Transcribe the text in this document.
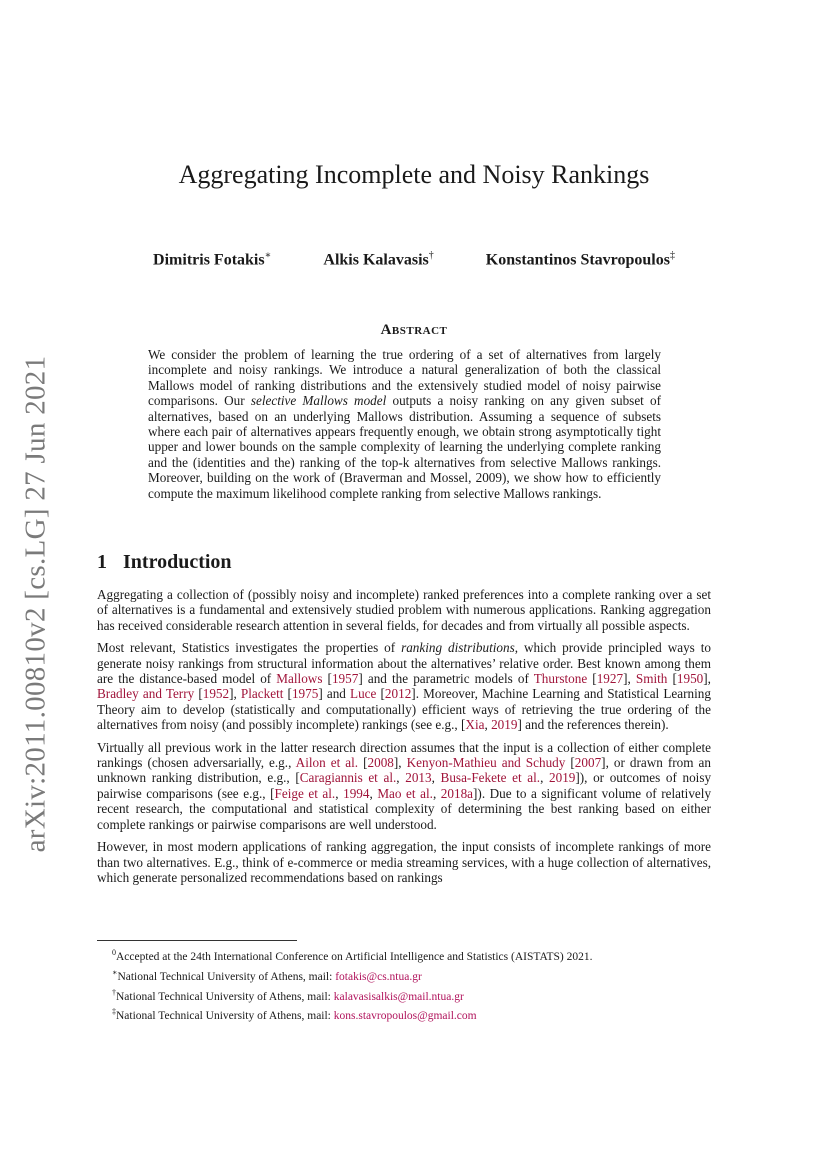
arXiv:2011.00810v2 [cs.LG] 27 Jun 2021
Aggregating Incomplete and Noisy Rankings
Dimitris Fotakis∗	Alkis Kalavasis†	Konstantinos Stavropoulos‡
Abstract
We consider the problem of learning the true ordering of a set of alternatives from largely incomplete and noisy rankings. We introduce a natural generalization of both the classical Mallows model of ranking distributions and the extensively studied model of noisy pairwise comparisons. Our selective Mallows model outputs a noisy ranking on any given subset of alternatives, based on an underlying Mallows distribution. Assuming a sequence of subsets where each pair of alternatives appears frequently enough, we obtain strong asymptotically tight upper and lower bounds on the sample complexity of learning the underlying complete ranking and the (identities and the) ranking of the top-k alternatives from selective Mallows rankings. Moreover, building on the work of (Braverman and Mossel, 2009), we show how to efficiently compute the maximum likelihood complete ranking from selective Mallows rankings.
1 Introduction

Aggregating a collection of (possibly noisy and incomplete) ranked preferences into a complete ranking over a set of alternatives is a fundamental and extensively studied problem with numerous applications. Ranking aggregation has received considerable research attention in several fields, for decades and from virtually all possible aspects.

Most relevant, Statistics investigates the properties of ranking distributions, which provide principled ways to generate noisy rankings from structural information about the alternatives’ relative order. Best known among them are the distance-based model of Mallows [1957] and the parametric models of Thurstone [1927], Smith [1950], Bradley and Terry [1952], Plackett [1975] and Luce [2012]. Moreover, Machine Learning and Statistical Learning Theory aim to develop (statistically and computationally) efficient ways of retrieving the true ordering of the alternatives from noisy (and possibly incomplete) rankings (see e.g., [Xia, 2019] and the references therein).

Virtually all previous work in the latter research direction assumes that the input is a collection of either complete rankings (chosen adversarially, e.g., Ailon et al. [2008], Kenyon-Mathieu and Schudy [2007], or drawn from an unknown ranking distribution, e.g., [Caragiannis et al., 2013, Busa-Fekete et al., 2019]), or outcomes of noisy pairwise comparisons (see e.g., [Feige et al., 1994, Mao et al., 2018a]). Due to a significant volume of relatively recent research, the computational and statistical complexity of determining the best ranking based on either complete rankings or pairwise comparisons are well understood.

However, in most modern applications of ranking aggregation, the input consists of incomplete rankings of more than two alternatives. E.g., think of e-commerce or media streaming services, with a huge collection of alternatives, which generate personalized recommendations based on rankings

$^0$Accepted at the 24th International Conference on Artificial Intelligence and Statistics (AISTATS) 2021.
∗National Technical University of Athens, mail: fotakis@cs.ntua.gr
†National Technical University of Athens, mail: kalavasisalkis@mail.ntua.gr
‡National Technical University of Athens, mail: kons.stavropoulos@gmail.com
